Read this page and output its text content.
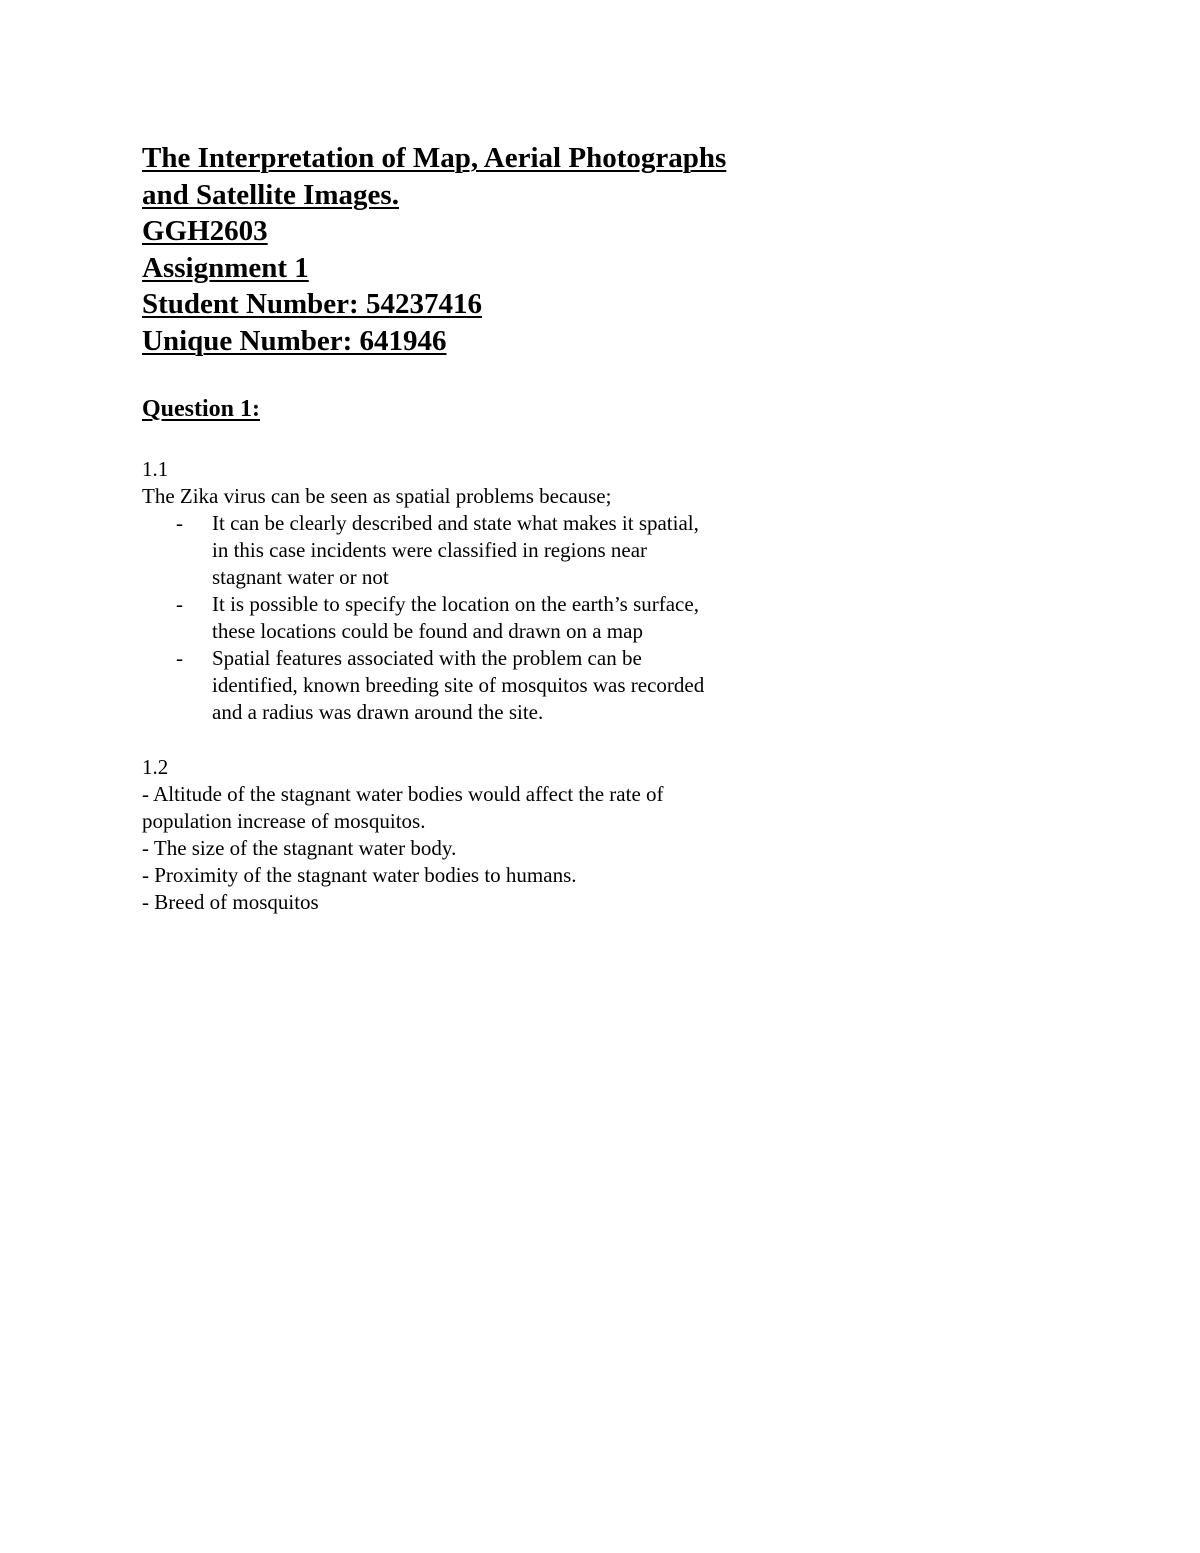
The Interpretation of Map, Aerial Photographs

and Satellite Images.

GGH2603

Assignment 1

Student Number: 54237416

Unique Number: 641946

Question 1:

1.1

The Zika virus can be seen as spatial problems because;

- It can be clearly described and state what makes it spatial,
in this case incidents were classified in regions near
stagnant water or not
- It is possible to specify the location on the earth’s surface,
these locations could be found and drawn on a map
- Spatial features associated with the problem can be
identified, known breeding site of mosquitos was recorded
and a radius was drawn around the site.

1.2

- Altitude of the stagnant water bodies would affect the rate of

population increase of mosquitos.

- The size of the stagnant water body.

- Proximity of the stagnant water bodies to humans.

- Breed of mosquitos
